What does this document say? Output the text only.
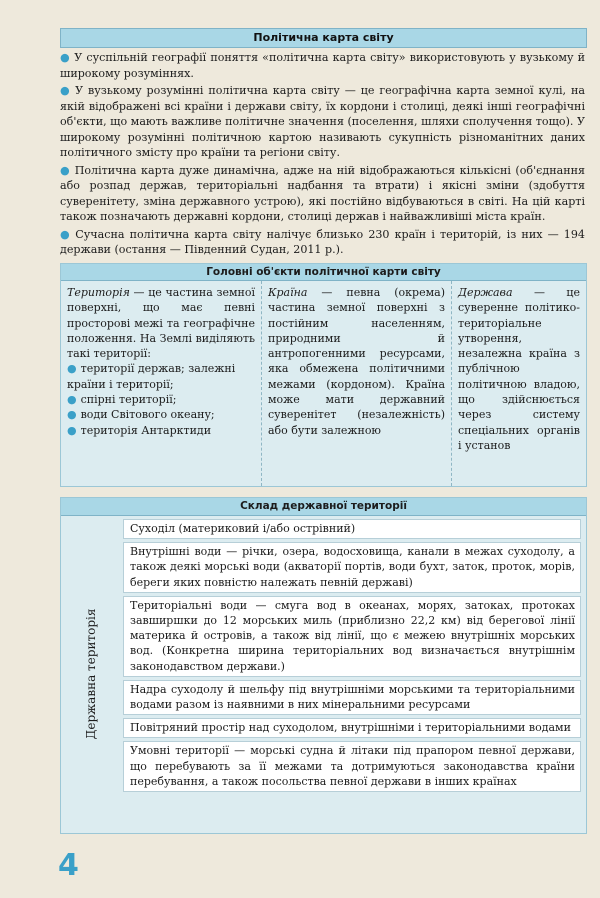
Політична карта світу

● У суспільній географії поняття «політична карта світу» використовують у вузькому й широкому розуміннях.

● У вузькому розумінні політична карта світу — це географічна карта земної кулі, на якій відображені всі країни і держави світу, їх кордони і столиці, деякі інші географічні об'єкти, що мають важливе політичне значення (поселення, шляхи сполучення тощо). У широкому розумінні політичною картою називають сукупність різноманітних даних політичного змісту про країни та регіони світу.

● Політична карта дуже динамічна, адже на ній відображаються кількісні (об'єднання або розпад держав, територіальні надбання та втрати) і якісні зміни (здобуття суверенітету, зміна державного устрою), які постійно відбуваються в світі. На цій карті також позначають державні кордони, столиці держав і найважливіші міста країн.

● Сучасна політична карта світу налічує близько 230 країн і територій, із них — 194 держави (остання — Південний Судан, 2011 р.).

Головні об'єкти політичної карти світу
Територія — це частина земної поверхні, що має певні просторові межі та географічне положення. На Землі виділяють такі території:
● території держав; залежні країни і території;
● спірні території;
● води Світового океану;
● територія Антарктиди
Країна — певна (окрема) частина земної поверхні з постійним населенням, природними й антропогенними ресурсами, яка обмежена політичними межами (кордоном). Країна може мати державний суверенітет (незалежність) або бути залежною
Держава — це суверенне політико-територіальне утворення, незалежна країна з публічною політичною владою, що здійснюється через систему спеціальних органів і установ
Склад державної території
Державна територія
Суходіл (материковий і/або острівний)
Внутрішні води — річки, озера, водосховища, канали в межах суходолу, а також деякі морські води (акваторії портів, води бухт, заток, проток, морів, береги яких повністю належать певній державі)
Територіальні води — смуга вод в океанах, морях, затоках, протоках завширшки до 12 морських миль (приблизно 22,2 км) від берегової лінії материка й островів, а також від лінії, що є межею внутрішніх морських вод. (Конкретна ширина територіальних вод визначається внутрішнім законодавством держави.)
Надра суходолу й шельфу під внутрішніми морськими та територіальними водами разом із наявними в них мінеральними ресурсами
Повітряний простір над суходолом, внутрішніми і територіальними водами
Умовні території — морські судна й літаки під прапором певної держави, що перебувають за її межами та дотримуються законодавства країни перебування, а також посольства певної держави в інших країнах
4
